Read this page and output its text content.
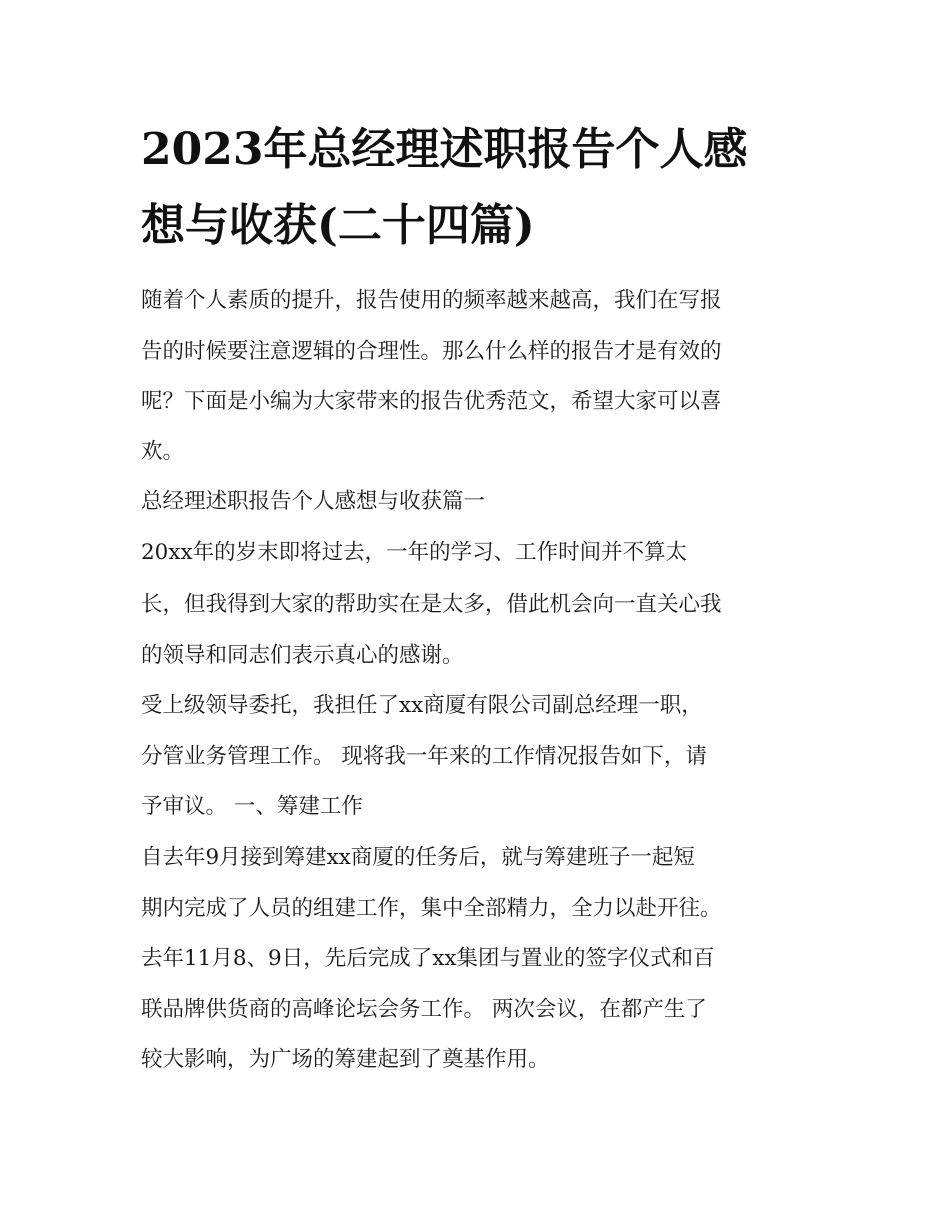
2023年总经理述职报告个人感
想与收获(二十四篇)

随着个人素质的提升，报告使用的频率越来越高，我们在写报

告的时候要注意逻辑的合理性。那么什么样的报告才是有效的

呢？下面是小编为大家带来的报告优秀范文，希望大家可以喜

欢。

总经理述职报告个人感想与收获篇一

20xx年的岁末即将过去，一年的学习、工作时间并不算太

长，但我得到大家的帮助实在是太多，借此机会向一直关心我

的领导和同志们表示真心的感谢。

受上级领导委托，我担任了xx商厦有限公司副总经理一职，

分管业务管理工作。 现将我一年来的工作情况报告如下，请

予审议。 一、筹建工作

自去年9月接到筹建xx商厦的任务后，就与筹建班子一起短

期内完成了人员的组建工作，集中全部精力，全力以赴开往。

去年11月8、9日，先后完成了xx集团与置业的签字仪式和百

联品牌供货商的高峰论坛会务工作。 两次会议，在都产生了

较大影响，为广场的筹建起到了奠基作用。
